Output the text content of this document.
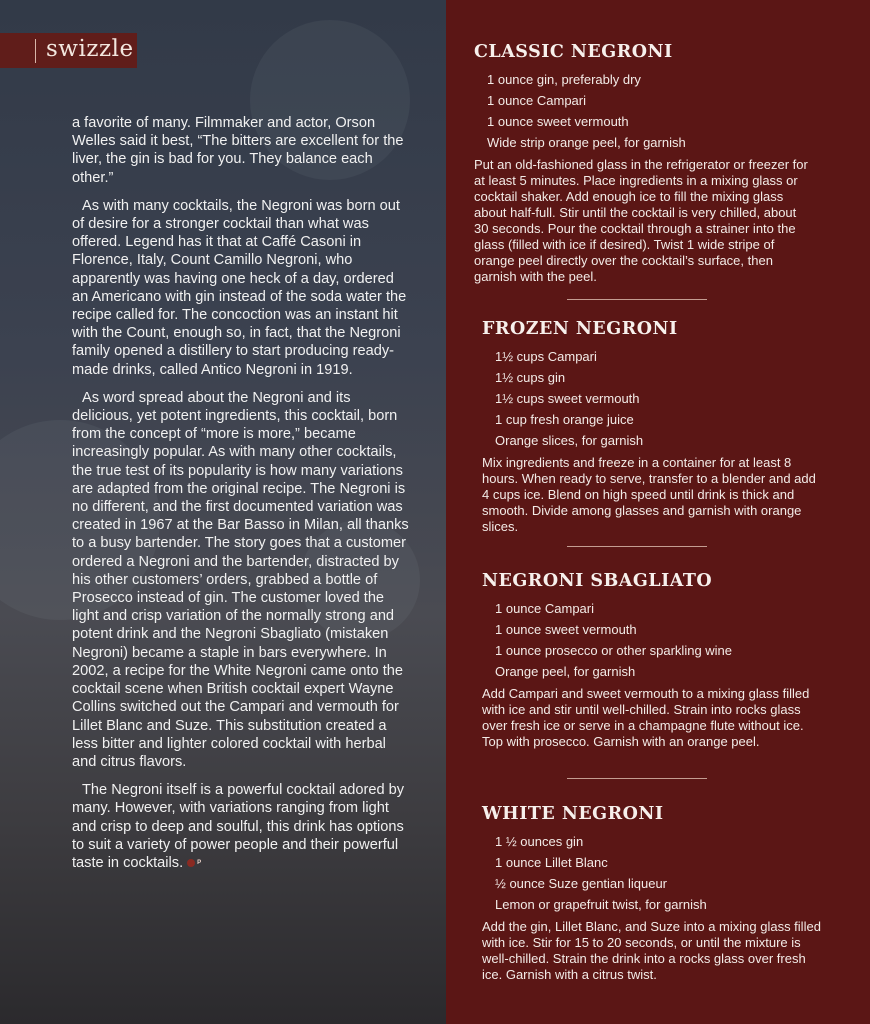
swizzle

a favorite of many. Filmmaker and actor, Orson Welles said it best, “The bitters are excellent for the liver, the gin is bad for you. They balance each other.”

As with many cocktails, the Negroni was born out of desire for a stronger cocktail than what was offered. Legend has it that at Caffé Casoni in Florence, Italy, Count Camillo Negroni, who apparently was having one heck of a day, ordered an Americano with gin instead of the soda water the recipe called for. The concoction was an instant hit with the Count, enough so, in fact, that the Negroni family opened a distillery to start producing ready-made drinks, called Antico Negroni in 1919.

As word spread about the Negroni and its delicious, yet potent ingredients, this cocktail, born from the concept of “more is more,” became increasingly popular. As with many other cocktails, the true test of its popularity is how many variations are adapted from the original recipe. The Negroni is no different, and the first documented variation was created in 1967 at the Bar Basso in Milan, all thanks to a busy bartender. The story goes that a customer ordered a Negroni and the bartender, distracted by his other customers’ orders, grabbed a bottle of Prosecco instead of gin. The customer loved the light and crisp variation of the normally strong and potent drink and the Negroni Sbagliato (mistaken Negroni) became a staple in bars everywhere. In 2002, a recipe for the White Negroni came onto the cocktail scene when British cocktail expert Wayne Collins switched out the Campari and vermouth for Lillet Blanc and Suze. This substitution created a less bitter and lighter colored cocktail with herbal and citrus flavors.

The Negroni itself is a powerful cocktail adored by many. However, with variations ranging from light and crisp to deep and soulful, this drink has options to suit a variety of power people and their powerful taste in cocktails. P

CLASSIC NEGRONI
1 ounce gin, preferably dry
1 ounce Campari
1 ounce sweet vermouth
Wide strip orange peel, for garnish

Put an old-fashioned glass in the refrigerator or freezer for at least 5 minutes. Place ingredients in a mixing glass or cocktail shaker. Add enough ice to fill the mixing glass about half-full. Stir until the cocktail is very chilled, about 30 seconds. Pour the cocktail through a strainer into the glass (filled with ice if desired). Twist 1 wide stripe of orange peel directly over the cocktail’s surface, then garnish with the peel.

FROZEN NEGRONI
1½ cups Campari
1½ cups gin
1½ cups sweet vermouth
1 cup fresh orange juice
Orange slices, for garnish

Mix ingredients and freeze in a container for at least 8 hours. When ready to serve, transfer to a blender and add 4 cups ice. Blend on high speed until drink is thick and smooth. Divide among glasses and garnish with orange slices.

NEGRONI SBAGLIATO
1 ounce Campari
1 ounce sweet vermouth
1 ounce prosecco or other sparkling wine
Orange peel, for garnish

Add Campari and sweet vermouth to a mixing glass filled with ice and stir until well-chilled. Strain into rocks glass over fresh ice or serve in a champagne flute without ice. Top with prosecco. Garnish with an orange peel.

WHITE NEGRONI
1 ½ ounces gin
1 ounce Lillet Blanc
½ ounce Suze gentian liqueur
Lemon or grapefruit twist, for garnish

Add the gin, Lillet Blanc, and Suze into a mixing glass filled with ice. Stir for 15 to 20 seconds, or until the mixture is well-chilled. Strain the drink into a rocks glass over fresh ice. Garnish with a citrus twist.
